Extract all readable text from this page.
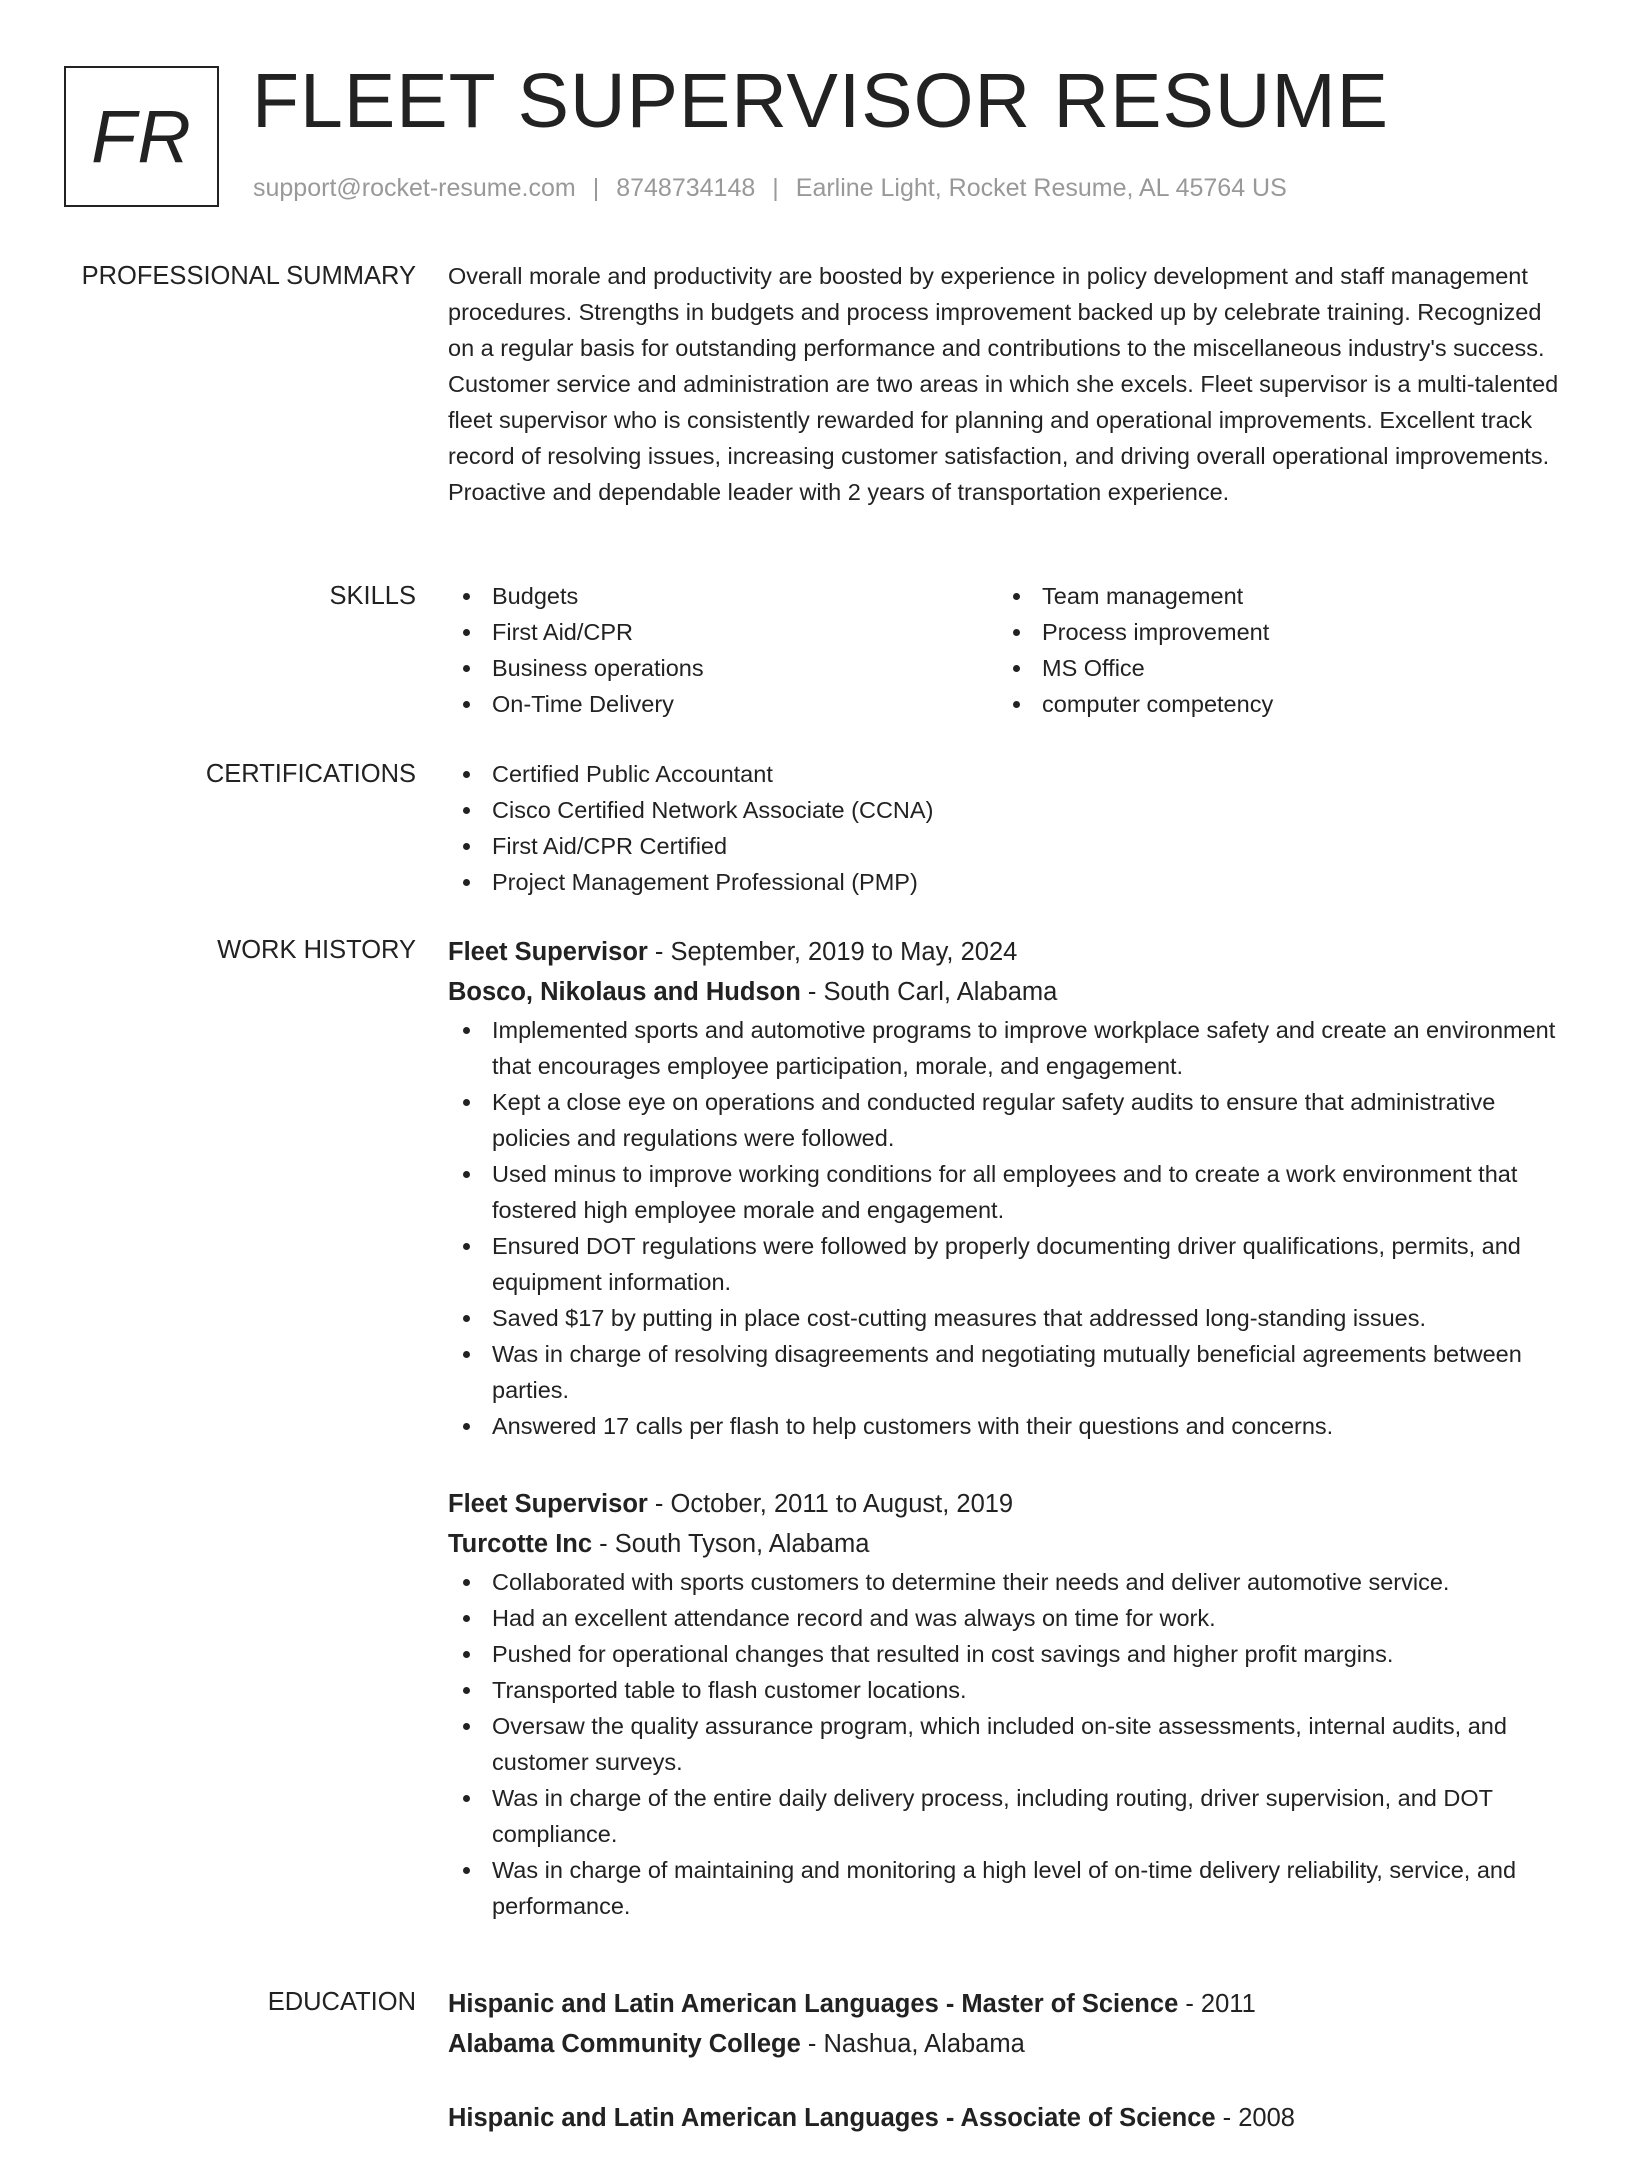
FR FLEET SUPERVISOR RESUME
support@rocket-resume.com | 8748734148 | Earline Light, Rocket Resume, AL 45764 US
PROFESSIONAL SUMMARY Overall morale and productivity are boosted by experience in policy development and staff management procedures. Strengths in budgets and process improvement backed up by celebrate training. Recognized on a regular basis for outstanding performance and contributions to the miscellaneous industry's success. Customer service and administration are two areas in which she excels. Fleet supervisor is a multi-talented fleet supervisor who is consistently rewarded for planning and operational improvements. Excellent track record of resolving issues, increasing customer satisfaction, and driving overall operational improvements. Proactive and dependable leader with 2 years of transportation experience.

SKILLS	Budgets
First Aid/CPR
Business operations
On-Time Delivery
Team management
Process improvement
MS Office
computer competency
CERTIFICATIONS	Certified Public Accountant
Cisco Certified Network Associate (CCNA)
First Aid/CPR Certified
Project Management Professional (PMP)
WORK HISTORY Fleet Supervisor - September, 2019 to May, 2024
Bosco, Nikolaus and Hudson - South Carl, Alabama
Implemented sports and automotive programs to improve workplace safety and create an environment that encourages employee participation, morale, and engagement.
Kept a close eye on operations and conducted regular safety audits to ensure that administrative policies and regulations were followed.
Used minus to improve working conditions for all employees and to create a work environment that fostered high employee morale and engagement.
Ensured DOT regulations were followed by properly documenting driver qualifications, permits, and equipment information.
Saved $17 by putting in place cost-cutting measures that addressed long-standing issues.
Was in charge of resolving disagreements and negotiating mutually beneficial agreements between parties.
Answered 17 calls per flash to help customers with their questions and concerns.
Fleet Supervisor - October, 2011 to August, 2019
Turcotte Inc - South Tyson, Alabama
Collaborated with sports customers to determine their needs and deliver automotive service.
Had an excellent attendance record and was always on time for work.
Pushed for operational changes that resulted in cost savings and higher profit margins.
Transported table to flash customer locations.
Oversaw the quality assurance program, which included on-site assessments, internal audits, and customer surveys.
Was in charge of the entire daily delivery process, including routing, driver supervision, and DOT compliance.
Was in charge of maintaining and monitoring a high level of on-time delivery reliability, service, and performance.
EDUCATION Hispanic and Latin American Languages - Master of Science - 2011
Alabama Community College - Nashua, Alabama
Hispanic and Latin American Languages - Associate of Science - 2008
